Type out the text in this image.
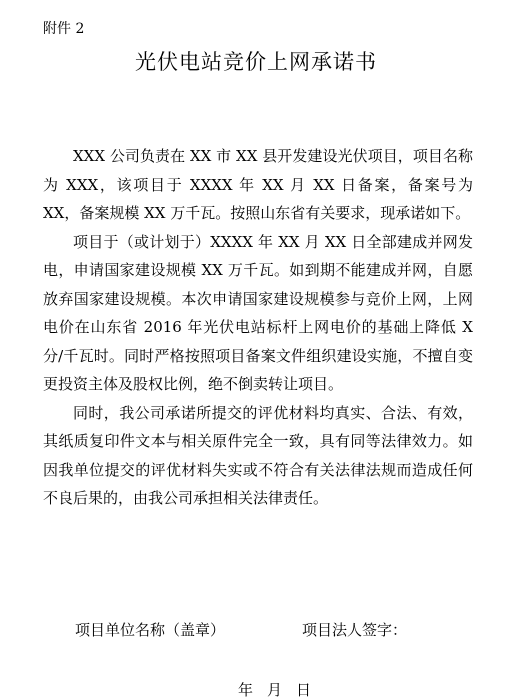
附件 2
光伏电站竞价上网承诺书

XXX 公司负责在 XX 市 XX 县开发建设光伏项目，项目名称为 XXX，该项目于 XXXX 年 XX 月 XX 日备案，备案号为 XX，备案规模 XX 万千瓦。按照山东省有关要求，现承诺如下。

项目于（或计划于）XXXX 年 XX 月 XX 日全部建成并网发电，申请国家建设规模 XX 万千瓦。如到期不能建成并网，自愿放弃国家建设规模。本次申请国家建设规模参与竞价上网，上网电价在山东省 2016 年光伏电站标杆上网电价的基础上降低 X 分/千瓦时。同时严格按照项目备案文件组织建设实施，不擅自变更投资主体及股权比例，绝不倒卖转让项目。

同时，我公司承诺所提交的评优材料均真实、合法、有效，其纸质复印件文本与相关原件完全一致，具有同等法律效力。如因我单位提交的评优材料失实或不符合有关法律法规而造成任何不良后果的，由我公司承担相关法律责任。

项目单位名称（盖章）	项目法人签字：
年月日
